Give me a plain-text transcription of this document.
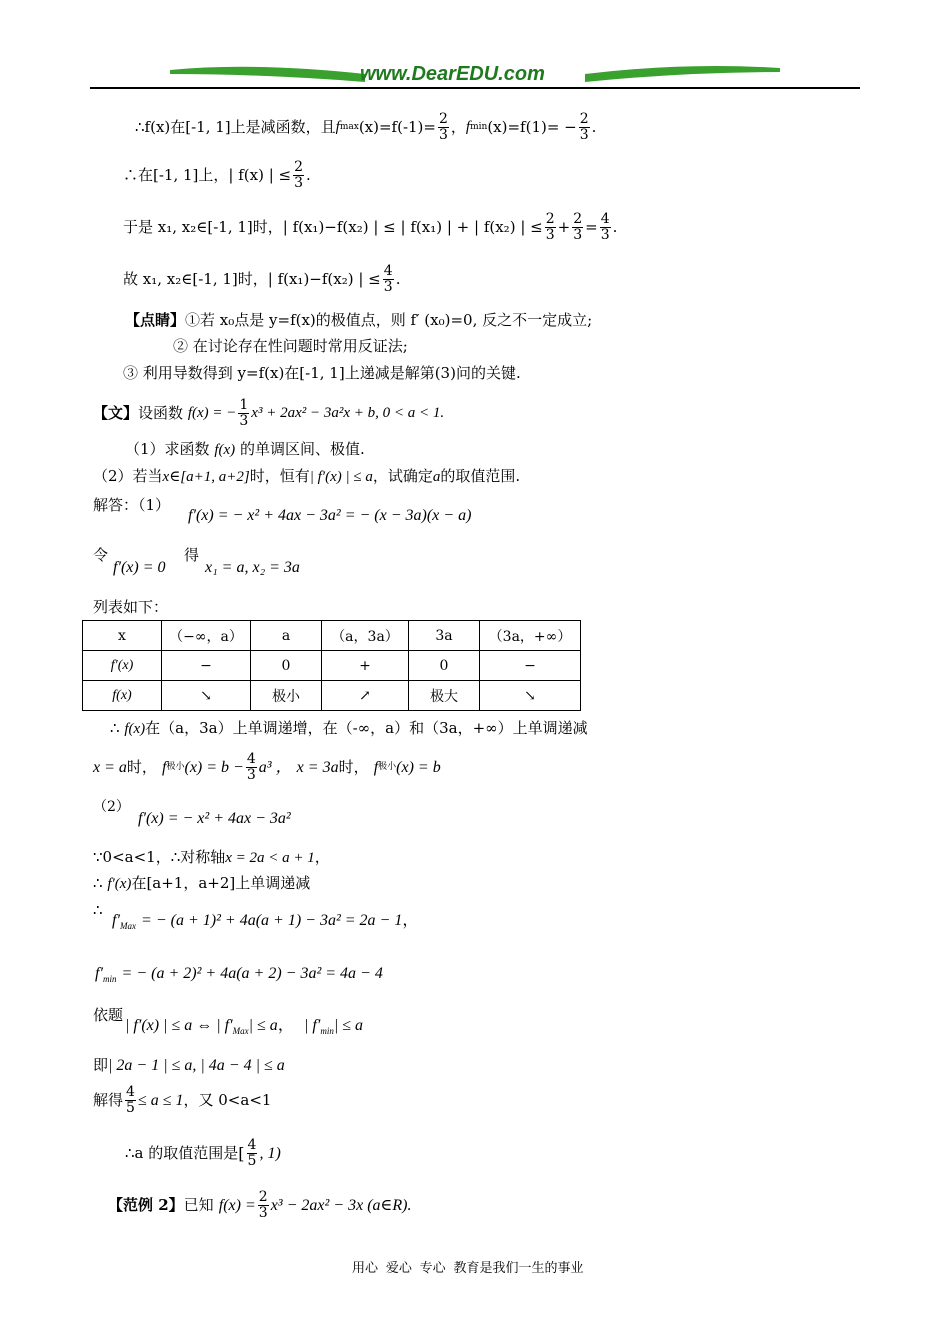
www.DearEDU.com
∴f(x)在[-1, 1]上是减函数，且 f $\max (x)=f(-1)= \frac{2}{3}$ ， f $\min (x)=f(1)= - \frac{2}{3}$ .
∴在[-1, 1]上，| f(x) | ≤ $\frac{2}{3}$ .
于是 x₁, x₂∈[-1, 1]时，| f(x₁)−f(x₂) | ≤ | f(x₁) | + | f(x₂) | ≤ $\frac{2}{3} + \frac{2}{3} = \frac{4}{3}$ .
故 x₁, x₂∈[-1, 1]时，| f(x₁)−f(x₂) | ≤ $\frac{4}{3}$ .
【点睛】①若 x₀点是 y=f(x)的极值点，则 f′ (x₀)=0, 反之不一定成立;
② 在讨论存在性问题时常用反证法;
③ 利用导数得到 y=f(x)在[-1, 1]上递减是解第(3)问的关键.
【文】 设函数
f(x) = − $\frac{1}{3} x^3 + 2ax^2 - 3a^2x + b$, 0 < a < 1.
（1）求函数 f(x) 的单调区间、极值.
（2）若当x∈[a+1, a+2]时，恒有| f′(x) | ≤ a，试确定a的取值范围.
解答：（1）
f′(x) = − x² + 4ax − 3a² = − (x − 3a)(x − a)
令
f′(x) = 0
得
x₁ = a, x₂ = 3a
列表如下：
x	（−∞，a）	a	（a，3a）	3a	（3a，+∞）
f′(x)	−	0	+	0	−
f(x)	↘	极小	↗	极大	↘
∴ f(x)在（a，3a）上单调递增，在（-∞，a）和（3a，+∞）上单调递减
x = a 时，
f 极小 $(x) = b - \frac{4}{3} a^3$ ，
x = 3a 时，
f 极小 (x) = b
（2）
f′(x) = − x² + 4ax − 3a²
∵0<a<1，∴对称轴x = 2a < a + 1，
∴ f′(x)在[a+1，a+2]上单调递减
∴
$f'_{Max}$ = − (a + 1)² + 4a(a + 1) − 3a² = 2a − 1，
$f'_{min}$ = − (a + 2)² + 4a(a + 2) − 3a² = 4a − 4
依题
| f′(x) | ≤ a ⇔ | $f'_{Max}| \le a$， | $f'_{min}| \le a$
即| 2a − 1 | ≤ a, | 4a − 4 | ≤ a
解得 $\frac{4}{5} \le a \le 1$ ，又 0<a<1
∴a 的取值范围是 [ 4
5 , 1)
【范例 2】 已知
$f(x) = \frac{2}{3} x^3 - 2ax^2 - 3x$ (a∈R).
用心 爱心 专心 教育是我们一生的事业
